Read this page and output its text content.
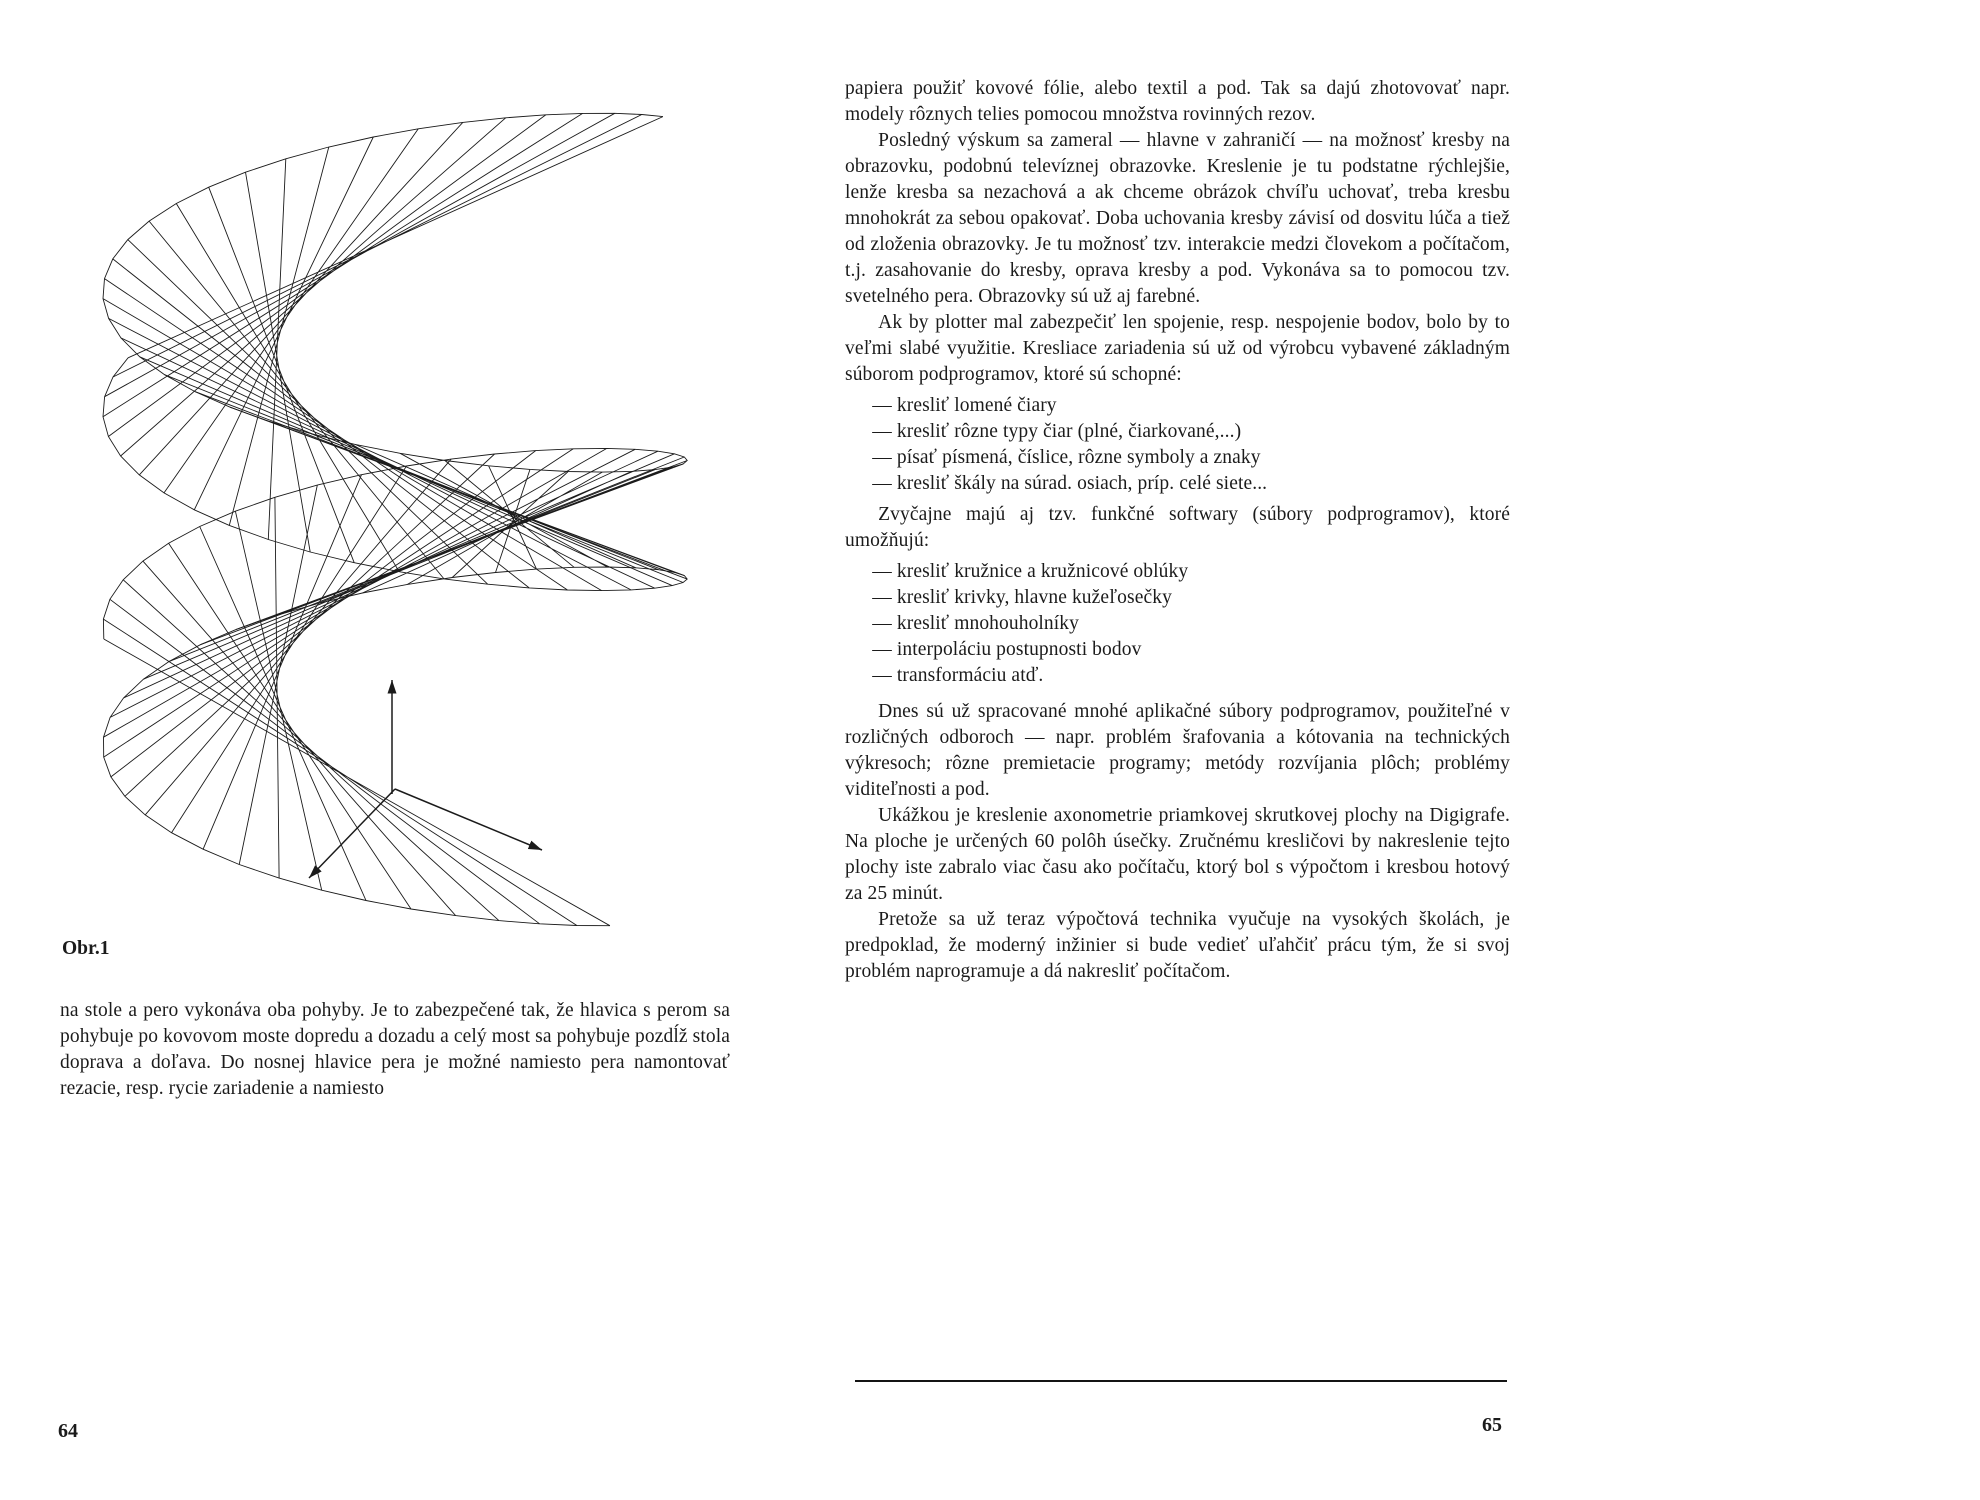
Obr.1
na stole a pero vykonáva oba pohyby. Je to zabezpečené tak, že hlavica s perom sa pohybuje po kovovom moste dopredu a dozadu a celý most sa pohybuje pozdĺž stola doprava a doľava. Do nosnej hlavice pera je možné namiesto pera namontovať rezacie, resp. rycie zariadenie a namiesto
64

papiera použiť kovové fólie, alebo textil a pod. Tak sa dajú zhotovovať napr. modely rôznych telies pomocou množstva rovinných rezov.

Posledný výskum sa zameral — hlavne v zahraničí — na možnosť kresby na obrazovku, podobnú televíznej obrazovke. Kreslenie je tu podstatne rýchlejšie, lenže kresba sa nezachová a ak chceme obrázok chvíľu uchovať, treba kresbu mnohokrát za sebou opakovať. Doba uchovania kresby závisí od dosvitu lúča a tiež od zloženia obrazovky. Je tu možnosť tzv. interakcie medzi človekom a počítačom, t.j. zasahovanie do kresby, oprava kresby a pod. Vykonáva sa to pomocou tzv. svetelného pera. Obrazovky sú už aj farebné.

Ak by plotter mal zabezpečiť len spojenie, resp. nespojenie bodov, bolo by to veľmi slabé využitie. Kresliace zariadenia sú už od výrobcu vybavené základným súborom podprogramov, ktoré sú schopné:

— kresliť lomené čiary
— kresliť rôzne typy čiar (plné, čiarkované,...)
— písať písmená, číslice, rôzne symboly a znaky
— kresliť škály na súrad. osiach, príp. celé siete...

Zvyčajne majú aj tzv. funkčné softwary (súbory podprogramov), ktoré umožňujú:

— kresliť kružnice a kružnicové oblúky
— kresliť krivky, hlavne kužeľosečky
— kresliť mnohouholníky
— interpoláciu postupnosti bodov
— transformáciu atď.

Dnes sú už spracované mnohé aplikačné súbory podprogramov, použiteľné v rozličných odboroch — napr. problém šrafovania a kótovania na technických výkresoch; rôzne premietacie programy; metódy rozvíjania plôch; problémy viditeľnosti a pod.

Ukážkou je kreslenie axonometrie priamkovej skrutkovej plochy na Digigrafe. Na ploche je určených 60 polôh úsečky. Zručnému kresličovi by nakreslenie tejto plochy iste zabralo viac času ako počítaču, ktorý bol s výpočtom i kresbou hotový za 25 minút.

Pretože sa už teraz výpočtová technika vyučuje na vysokých školách, je predpoklad, že moderný inžinier si bude vedieť uľahčiť prácu tým, že si svoj problém naprogramuje a dá nakresliť počítačom.

65
